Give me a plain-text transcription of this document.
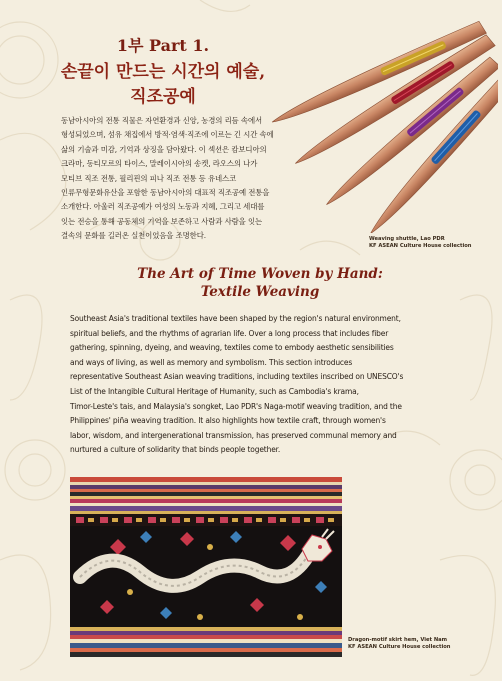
1부 Part 1.
손끝이 만드는 시간의 예술,
직조공예
동남아시아의 전통 직물은 자연환경과 신앙, 농경의 리듬 속에서
형성되었으며, 섬유 채집에서 방적·염색·직조에 이르는 긴 시간 속에
삶의 기술과 미감, 기억과 상징을 담아왔다. 이 섹션은 캄보디아의
크라마, 동티모르의 타이스, 말레이시아의 송켓, 라오스의 나가
모티브 직조 전통, 필리핀의 피나 직조 전통 등 유네스코
인류무형문화유산을 포함한 동남아시아의 대표적 직조공예 전통을
소개한다. 아울러 직조공예가 여성의 노동과 지혜, 그리고 세대를
잇는 전승을 통해 공동체의 기억을 보존하고 사람과 사람을 잇는
결속의 문화를 길러온 실천이었음을 조명한다.	Weaving shuttle, Lao PDR
KF ASEAN Culture House collection
The Art of Time Woven by Hand:
Textile Weaving
Southeast Asia's traditional textiles have been shaped by the region's natural environment,
spiritual beliefs, and the rhythms of agrarian life. Over a long process that includes fiber
gathering, spinning, dyeing, and weaving, textiles come to embody aesthetic sensibilities
and ways of living, as well as memory and symbolism. This section introduces
representative Southeast Asian weaving traditions, including textiles inscribed on UNESCO's
List of the Intangible Cultural Heritage of Humanity, such as Cambodia's krama,
Timor-Leste's tais, and Malaysia's songket, Lao PDR's Naga-motif weaving tradition, and the
Philippines' piña weaving tradition. It also highlights how textile craft, through women's
labor, wisdom, and intergenerational transmission, has preserved communal memory and
nurtured a culture of solidarity that binds people together.
Dragon-motif skirt hem, Viet Nam
KF ASEAN Culture House collection
